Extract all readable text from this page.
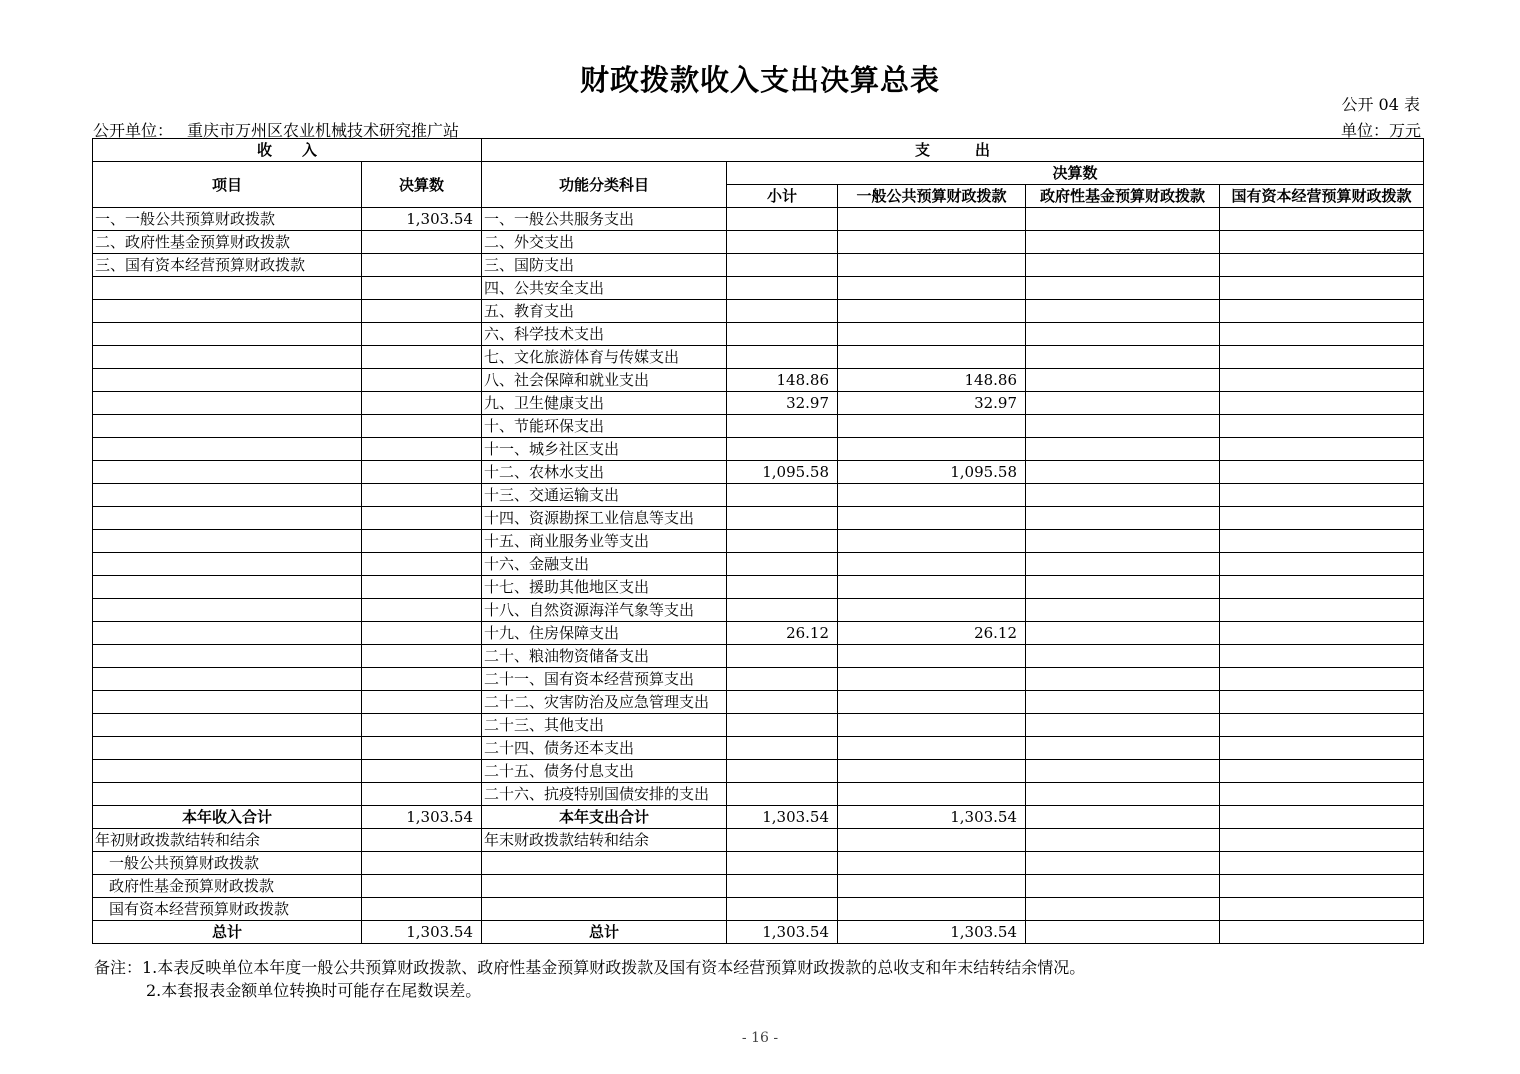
财政拨款收入支出决算总表
公开 04 表
公开单位： 重庆市万州区农业机械技术研究推广站	单位：万元
收　　入		支　　　出				
项目	决算数	功能分类科目	决算数			
			小计	一般公共预算财政拨款	政府性基金预算财政拨款	国有资本经营预算财政拨款
一、一般公共预算财政拨款	1,303.54	一、一般公共服务支出				
二、政府性基金预算财政拨款		二、外交支出				
三、国有资本经营预算财政拨款		三、国防支出				
		四、公共安全支出				
		五、教育支出				
		六、科学技术支出				
		七、文化旅游体育与传媒支出				
		八、社会保障和就业支出	148.86	148.86		
		九、卫生健康支出	32.97	32.97		
		十、节能环保支出				
		十一、城乡社区支出				
		十二、农林水支出	1,095.58	1,095.58		
		十三、交通运输支出				
		十四、资源勘探工业信息等支出				
		十五、商业服务业等支出				
		十六、金融支出				
		十七、援助其他地区支出				
		十八、自然资源海洋气象等支出				
		十九、住房保障支出	26.12	26.12		
		二十、粮油物资储备支出				
		二十一、国有资本经营预算支出				
		二十二、灾害防治及应急管理支出				
		二十三、其他支出				
		二十四、债务还本支出				
		二十五、债务付息支出				
		二十六、抗疫特别国债安排的支出				
本年收入合计	1,303.54	本年支出合计	1,303.54	1,303.54		
年初财政拨款结转和结余		年末财政拨款结转和结余				
一般公共预算财政拨款						
政府性基金预算财政拨款						
国有资本经营预算财政拨款						
总计	1,303.54	总计	1,303.54	1,303.54		
备注：1.本表反映单位本年度一般公共预算财政拨款、政府性基金预算财政拨款及国有资本经营预算财政拨款的总收支和年末结转结余情况。
2.本套报表金额单位转换时可能存在尾数误差。
- 16 -
